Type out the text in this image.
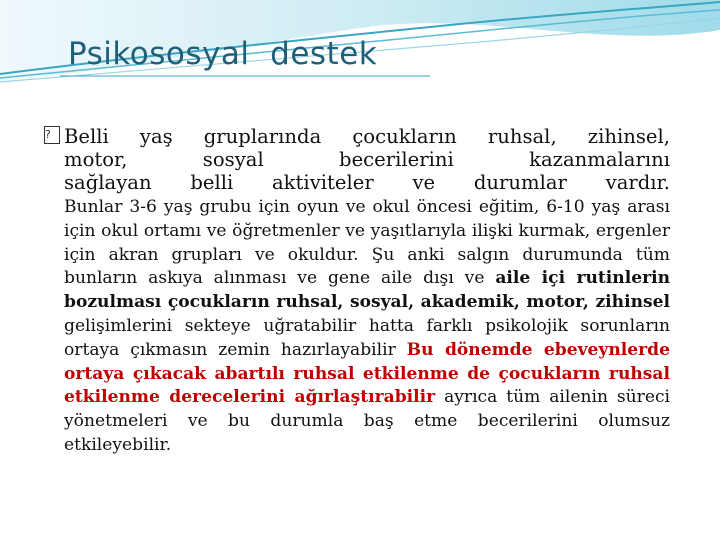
Psikososyal  destek
? Belli yaş gruplarında çocukların ruhsal, zihinsel,
motor, sosyal becerilerini kazanmalarını
sağlayan belli aktiviteler ve durumlar vardır.
Bunlar 3-6 yaş grubu için oyun ve okul öncesi eğitim, 6-10 yaş arası için okul ortamı ve öğretmenler ve yaşıtlarıyla ilişki kurmak, ergenler için akran grupları ve okuldur. Şu anki salgın durumunda tüm bunların askıya alınması ve gene aile dışı ve aile içi rutinlerin bozulması çocukların ruhsal, sosyal, akademik, motor, zihinsel gelişimlerini sekteye uğratabilir hatta farklı psikolojik sorunların ortaya çıkmasın zemin hazırlayabilir Bu dönemde ebeveynlerde ortaya çıkacak abartılı ruhsal etkilenme de çocukların ruhsal etkilenme derecelerini ağırlaştırabilir ayrıca tüm ailenin süreci yönetmeleri ve bu durumla baş etme becerilerini olumsuz etkileyebilir.
